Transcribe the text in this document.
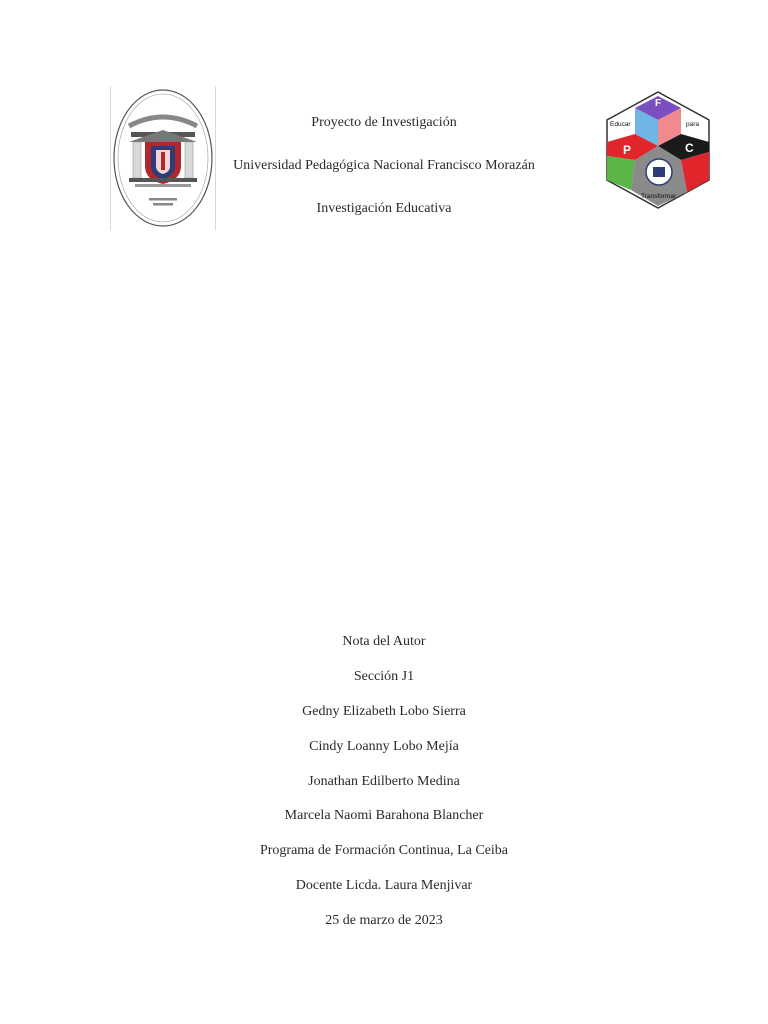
F
P	C
Educar	para
Transformar
Proyecto de Investigación
Universidad Pedagógica Nacional Francisco Morazán
Investigación Educativa
Nota del Autor
Sección J1
Gedny Elizabeth Lobo Sierra
Cindy Loanny Lobo Mejía
Jonathan Edilberto Medina
Marcela Naomi Barahona Blancher
Programa de Formación Continua, La Ceiba
Docente Licda. Laura Menjivar
25 de marzo de 2023
